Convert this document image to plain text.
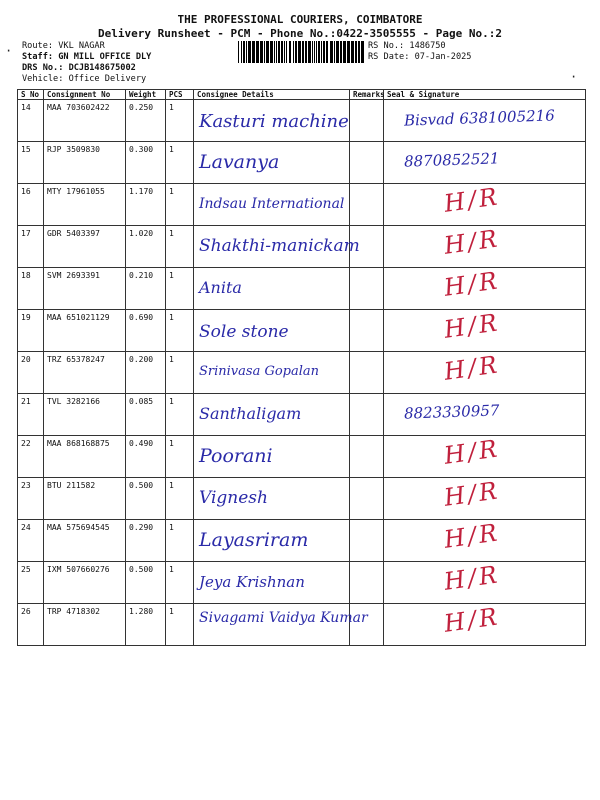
THE PROFESSIONAL COURIERS, COIMBATORE
Delivery Runsheet - PCM - Phone No.:0422-3505555 - Page No.:2
Route: VKL NAGAR
Staff: GN MILL OFFICE DLY
DRS No.: DCJB148675002
Vehicle: Office Delivery
RS No.: 1486750
RS Date: 07-Jan-2025
·
·
S No	Consignment No	Weight	PCS	Consignee Details	Remarks	Seal & Signature
14	MAA 703602422	0.250	1	Kasturi machine		Bisvad 6381005216

15	RJP 3509830	0.300	1	Lavanya		8870852521

16	MTY 17961055	1.170	1	Indsau International		H/R

17	GDR 5403397	1.020	1	Shakthi-manickam		H/R

18	SVM 2693391	0.210	1	Anita		H/R

19	MAA 651021129	0.690	1	Sole stone		H/R

20	TRZ 65378247	0.200	1	Srinivasa Gopalan		H/R

21	TVL 3282166	0.085	1	Santhaligam		8823330957

22	MAA 868168875	0.490	1	Poorani		H/R

23	BTU 211582	0.500	1	Vignesh		H/R

24	MAA 575694545	0.290	1	Layasriram		H/R

25	IXM 507660276	0.500	1	Jeya Krishnan		H/R

26	TRP 4718302	1.280	1	Sivagami Vaidya Kumar		H/R
